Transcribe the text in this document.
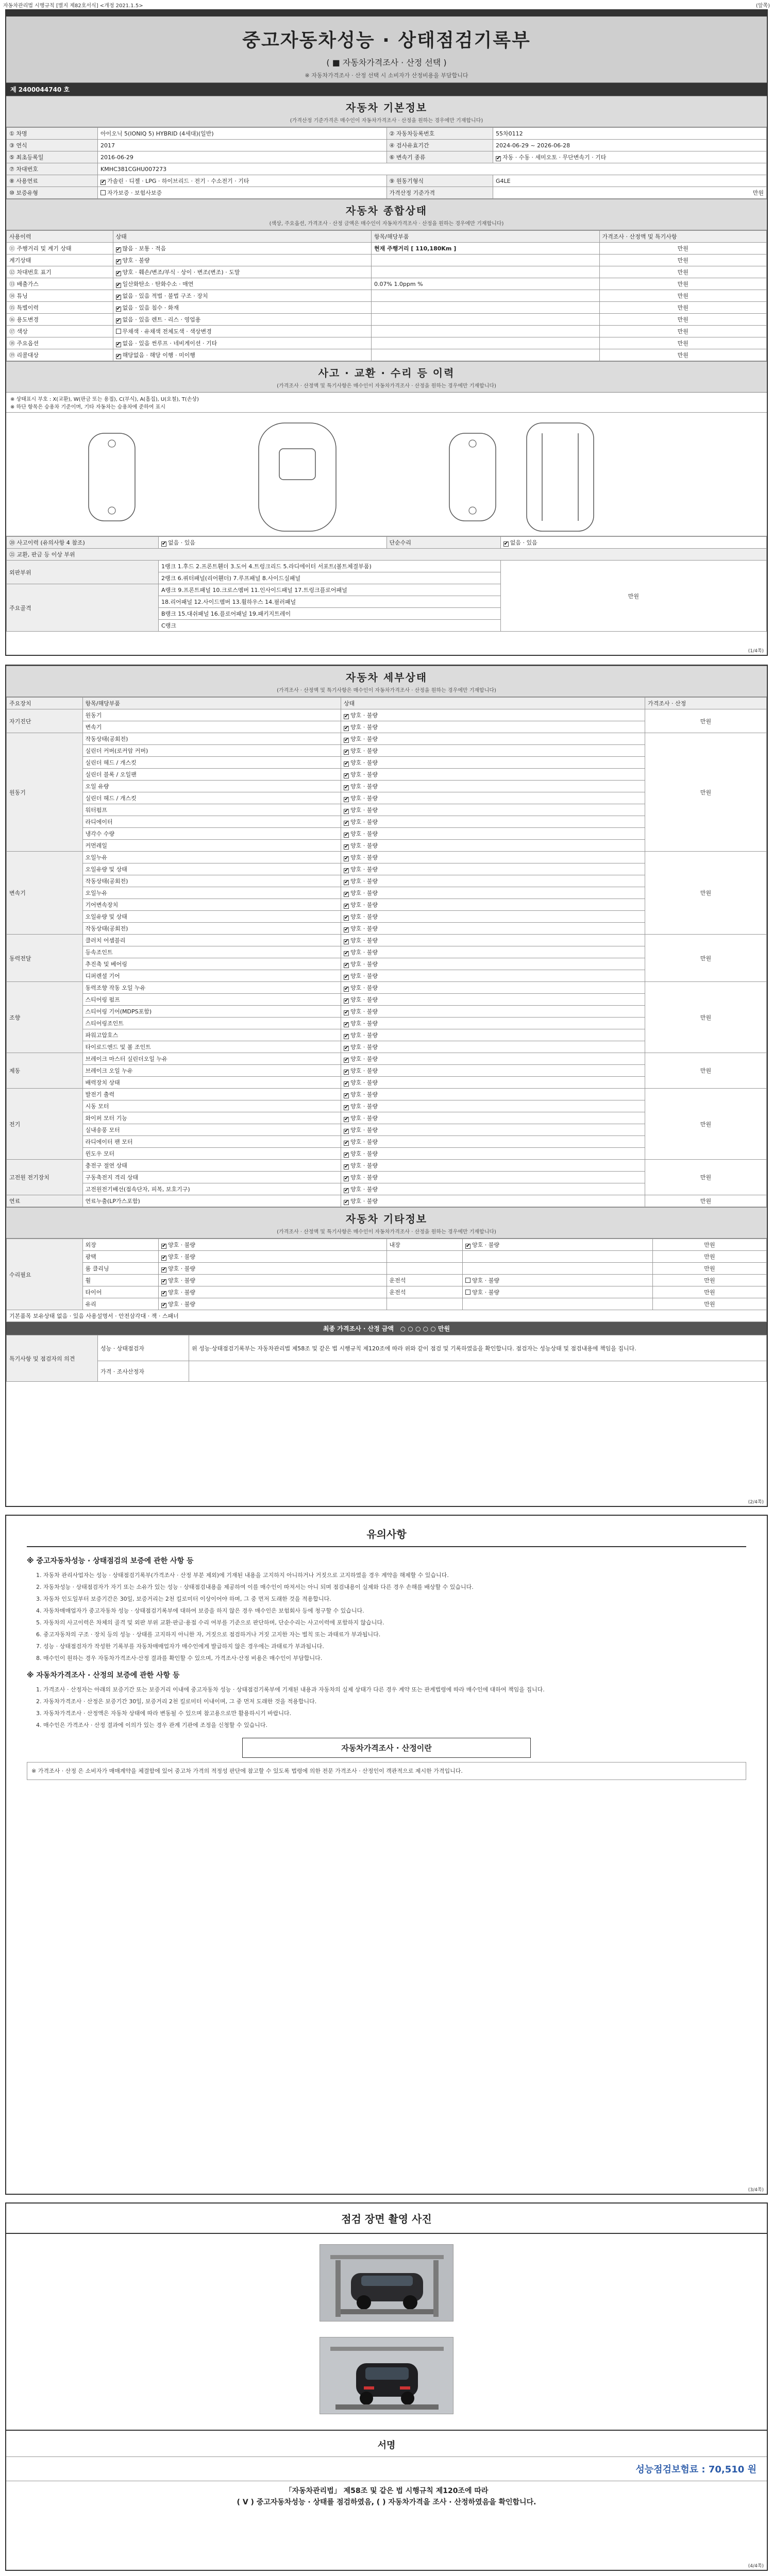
자동차관리법 시행규칙 [별지 제82호서식] <개정 2021.1.5>	(앞쪽)
중고자동차성능 · 상태점검기록부
( ■ 자동차가격조사 · 산정 선택 )
※ 자동차가격조사 · 산정 선택 시 소비자가 산정비용을 부담합니다
제 2400044740 호
자동차 기본정보
(가격산정 기준가격은 매수인이 자동차가격조사 · 산정을 원하는 경우에만 기재합니다)
① 차명	아이오닉 5(IONIQ 5) HYBRID (4세대)(일반)	② 자동차등록번호	55차0112
③ 연식	2017	④ 검사유효기간	2024-06-29 ~ 2026-06-28
⑤ 최초등록일	2016-06-29	⑥ 변속기 종류	✔자동 · 수동 · 세미오토 · 무단변속기 · 기타
⑦ 차대번호	KMHC381CGHU007273		
⑧ 사용연료	✔가솔린 · 디젤 · LPG · 하이브리드 · 전기 · 수소전기 · 기타	⑨ 원동기형식	G4LE
⑩ 보증유형	자가보증 · 보험사보증	가격산정 기준가격	만원
자동차 종합상태
(색상, 주요옵션, 가격조사 · 산정 금액은 매수인이 자동차가격조사 · 산정을 원하는 경우에만 기재합니다)
사용이력	상태	항목/해당부품	가격조사 · 산정액 및 특기사항
⑪ 주행거리 및 계기 상태	✔많음 · 보통 · 적음	현재 주행거리 [ 110,180Km ]	만원
계기상태	✔양호 · 불량		만원
⑫ 차대번호 표기	✔양호 · 훼손/변조/부식 · 상이 · 변조(변조) · 도말		만원
⑬ 배출가스	✔일산화탄소 · 탄화수소 · 매연	0.07% 1.0ppm %	만원
⑭ 튜닝	✔없음 · 있음 적법 · 불법 구조 · 장치		만원
⑮ 특별이력	✔없음 · 있음 침수 · 화재		만원
⑯ 용도변경	✔없음 · 있음 렌트 · 리스 · 영업용		만원
⑰ 색상	무채색 · 유채색 전체도색 · 색상변경		만원
⑱ 주요옵션	✔없음 · 있음 썬루프 · 네비게이션 · 기타		만원
⑲ 리콜대상	✔해당없음 · 해당 이행 · 미이행		만원
사고 · 교환 · 수리 등 이력
(가격조사 · 산정액 및 특기사항은 매수인이 자동차가격조사 · 산정을 원하는 경우에만 기재합니다)
※ 상태표시 부호 : X(교환), W(판금 또는 용접), C(부식), A(흠집), U(요철), T(손상)
※ 하단 항목은 승용차 기준이며, 기타 자동차는 승용차에 준하여 표시
⑳ 사고이력 (유의사항 4 참조)	✔없음 · 있음	단순수리	✔없음 · 있음
㉑ 교환, 판금 등 이상 부위			
외판부위	1랭크 1.후드 2.프론트휀더 3.도어 4.트렁크리드 5.라디에이터 서포트(볼트체결부품)		만원
	2랭크 6.쿼터패널(리어휀더) 7.루프패널 8.사이드실패널		
주요골격	A랭크 9.프론트패널 10.크로스멤버 11.인사이드패널 17.트렁크플로어패널		
	18.리어패널 12.사이드멤버 13.휠하우스 14.필러패널		
	B랭크 15.대쉬패널 16.플로어패널 19.패키지트레이		
	C랭크		
(1/4쪽)
자동차 세부상태
(가격조사 · 산정액 및 특기사항은 매수인이 자동차가격조사 · 산정을 원하는 경우에만 기재합니다)
주요장치	항목/해당부품	상태	가격조사 · 산정
자기진단	원동기	✔양호 · 불량	만원
	변속기	✔양호 · 불량
원동기	작동상태(공회전)	✔양호 · 불량	만원
	실린더 커버(로커암 커버)	✔양호 · 불량
	실린더 헤드 / 개스킷	✔양호 · 불량
	실린더 블록 / 오일팬	✔양호 · 불량
	오일 유량	✔양호 · 불량
	실린더 헤드 / 개스킷	✔양호 · 불량
	워터펌프	✔양호 · 불량
	라디에이터	✔양호 · 불량
	냉각수 수량	✔양호 · 불량
	커먼레일	✔양호 · 불량
변속기	오일누유	✔양호 · 불량	만원
	오일유량 및 상태	✔양호 · 불량
	작동상태(공회전)	✔양호 · 불량
	오일누유	✔양호 · 불량
	기어변속장치	✔양호 · 불량
	오일유량 및 상태	✔양호 · 불량
	작동상태(공회전)	✔양호 · 불량
동력전달	클러치 어셈블리	✔양호 · 불량	만원
	등속조인트	✔양호 · 불량
	추진축 및 베어링	✔양호 · 불량
	디퍼렌셜 기어	✔양호 · 불량
조향	동력조향 작동 오일 누유	✔양호 · 불량	만원
	스티어링 펌프	✔양호 · 불량
	스티어링 기어(MDPS포함)	✔양호 · 불량
	스티어링조인트	✔양호 · 불량
	파워고압호스	✔양호 · 불량
	타이로드엔드 및 볼 조인트	✔양호 · 불량
제동	브레이크 마스터 실린더오일 누유	✔양호 · 불량	만원
	브레이크 오일 누유	✔양호 · 불량
	배력장치 상태	✔양호 · 불량
전기	발전기 출력	✔양호 · 불량	만원
	시동 모터	✔양호 · 불량
	와이퍼 모터 기능	✔양호 · 불량
	실내송풍 모터	✔양호 · 불량
	라디에이터 팬 모터	✔양호 · 불량
	윈도우 모터	✔양호 · 불량
고전원 전기장치	충전구 절연 상태	✔양호 · 불량	만원
	구동축전지 격리 상태	✔양호 · 불량
	고전원전기배선(접속단자, 피복, 보호기구)	✔양호 · 불량
연료	연료누출(LP가스포함)	✔양호 · 불량	만원
자동차 기타정보
(가격조사 · 산정액 및 특기사항은 매수인이 자동차가격조사 · 산정을 원하는 경우에만 기재합니다)
수리필요	외장	✔양호 · 불량	내장	✔양호 · 불량	만원
	광택	✔양호 · 불량			만원
	룸 클리닝	✔양호 · 불량			만원
	휠	✔양호 · 불량	운전석	양호 · 불량	만원
	타이어	✔양호 · 불량	운전석	양호 · 불량	만원
	유리	✔양호 · 불량			만원
기본품목 보유상태 없음 · 있음 사용설명서 · 안전삼각대 · 잭 · 스패너					
최종 가격조사 · 산정 금액 ○ ○ ○ ○ ○ 만원
특기사항 및 점검자의 의견	성능 · 상태점검자	위 성능·상태점검기록부는 자동차관리법 제58조 및 같은 법 시행규칙 제120조에 따라 위와 같이 점검 및 기록하였음을 확인합니다. 점검자는 성능상태 및 점검내용에 책임을 집니다.
	가격 · 조사산정자	
(2/4쪽)
유의사항
※ 중고자동차성능 · 상태점검의 보증에 관한 사항 등

1. 자동차 관리사업자는 성능 · 상태점검기록부(가격조사 · 산정 부분 제외)에 기재된 내용을 고지하지 아니하거나 거짓으로 고지하였을 경우 계약을 해제할 수 있습니다.

2. 자동차성능 · 상태점검자가 자기 또는 소유가 있는 성능 · 상태점검내용을 제공하여 이를 매수인이 따져서는 아니 되며 점검내용이 실제와 다른 경우 손해를 배상할 수 있습니다.

3. 자동차 인도일부터 보증기간은 30일, 보증거리는 2천 킬로미터 이상이어야 하며, 그 중 먼저 도래한 것을 적용합니다.

4. 자동차매매업자가 중고자동차 성능 · 상태점검기록부에 대하여 보증을 하지 않은 경우 매수인은 보험회사 등에 청구할 수 있습니다.

5. 자동차의 사고이력은 차체의 골격 및 외판 부위 교환·판금·용접 수리 여부를 기준으로 판단하며, 단순수리는 사고이력에 포함하지 않습니다.

6. 중고자동차의 구조 · 장치 등의 성능 · 상태를 고지하지 아니한 자, 거짓으로 점검하거나 거짓 고지한 자는 벌칙 또는 과태료가 부과됩니다.

7. 성능 · 상태점검자가 작성한 기록부를 자동차매매업자가 매수인에게 발급하지 않은 경우에는 과태료가 부과됩니다.

8. 매수인이 원하는 경우 자동차가격조사·산정 결과를 확인할 수 있으며, 가격조사·산정 비용은 매수인이 부담합니다.

※ 자동차가격조사 · 산정의 보증에 관한 사항 등

1. 가격조사 · 산정자는 아래의 보증기간 또는 보증거리 이내에 중고자동차 성능 · 상태점검기록부에 기재된 내용과 자동차의 실제 상태가 다른 경우 계약 또는 관계법령에 따라 매수인에 대하여 책임을 집니다.

2. 자동차가격조사 · 산정은 보증기간 30일, 보증거리 2천 킬로미터 이내이며, 그 중 먼저 도래한 것을 적용합니다.

3. 자동차가격조사 · 산정액은 자동차 상태에 따라 변동될 수 있으며 참고용으로만 활용하시기 바랍니다.

4. 매수인은 가격조사 · 산정 결과에 이의가 있는 경우 관계 기관에 조정을 신청할 수 있습니다.

자동차가격조사 · 산정이란

※ 가격조사 · 산정 은 소비자가 매매계약을 체결함에 있어 중고차 가격의 적정성 판단에 참고할 수 있도록 법령에 의한 전문 가격조사 · 산정인이 객관적으로 제시한 가격입니다.

(3/4쪽)
점검 장면 촬영 사진
서명
성능점검보험료 : 70,510 원
「자동차관리법」 제58조 및 같은 법 시행규칙 제120조에 따라
( V ) 중고자동차성능 · 상태를 점검하였음, ( ) 자동차가격을 조사 · 산정하였음을 확인합니다.
(4/4쪽)
